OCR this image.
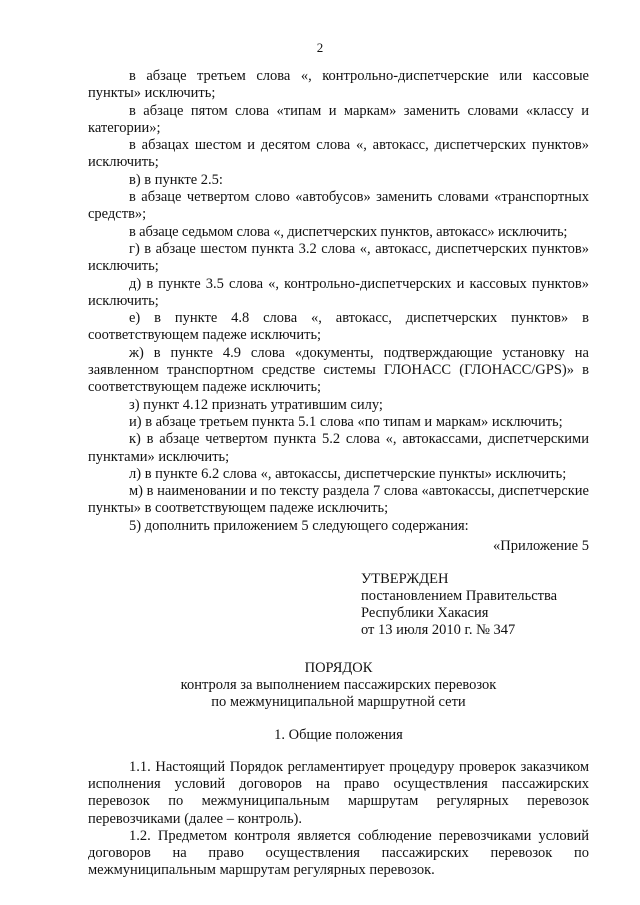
2

в абзаце третьем слова «, контрольно-диспетчерские или кассовые пункты» исключить;

в абзаце пятом слова «типам и маркам» заменить словами «классу и категории»;

в абзацах шестом и десятом слова «, автокасс, диспетчерских пунктов» исключить;

в) в пункте 2.5:

в абзаце четвертом слово «автобусов» заменить словами «транспортных средств»;

в абзаце седьмом слова «, диспетчерских пунктов, автокасс» исключить;

г) в абзаце шестом пункта 3.2 слова «, автокасс, диспетчерских пунктов» исключить;

д) в пункте 3.5 слова «, контрольно-диспетчерских и кассовых пунктов» исключить;

е) в пункте 4.8 слова «, автокасс, диспетчерских пунктов» в соответствующем падеже исключить;

ж) в пункте 4.9 слова «документы, подтверждающие установку на заявленном транспортном средстве системы ГЛОНАСС (ГЛОНАСС/GPS)» в соответствующем падеже исключить;

з) пункт 4.12 признать утратившим силу;

и) в абзаце третьем пункта 5.1 слова «по типам и маркам» исключить;

к) в абзаце четвертом пункта 5.2 слова «, автокассами, диспетчерскими пунктами» исключить;

л) в пункте 6.2 слова «, автокассы, диспетчерские пункты» исключить;

м) в наименовании и по тексту раздела 7 слова «автокассы, диспетчерские пункты» в соответствующем падеже исключить;

5) дополнить приложением 5 следующего содержания:

«Приложение 5

УТВЕРЖДЕН
постановлением Правительства
Республики Хакасия
от 13 июля 2010 г. № 347
ПОРЯДОК
контроля за выполнением пассажирских перевозок
по межмуниципальной маршрутной сети
1. Общие положения

1.1. Настоящий Порядок регламентирует процедуру проверок заказчиком исполнения условий договоров на право осуществления пассажирских перевозок по межмуниципальным маршрутам регулярных перевозок перевозчиками (далее – контроль).

1.2. Предметом контроля является соблюдение перевозчиками условий договоров на право осуществления пассажирских перевозок по межмуниципальным маршрутам регулярных перевозок.
